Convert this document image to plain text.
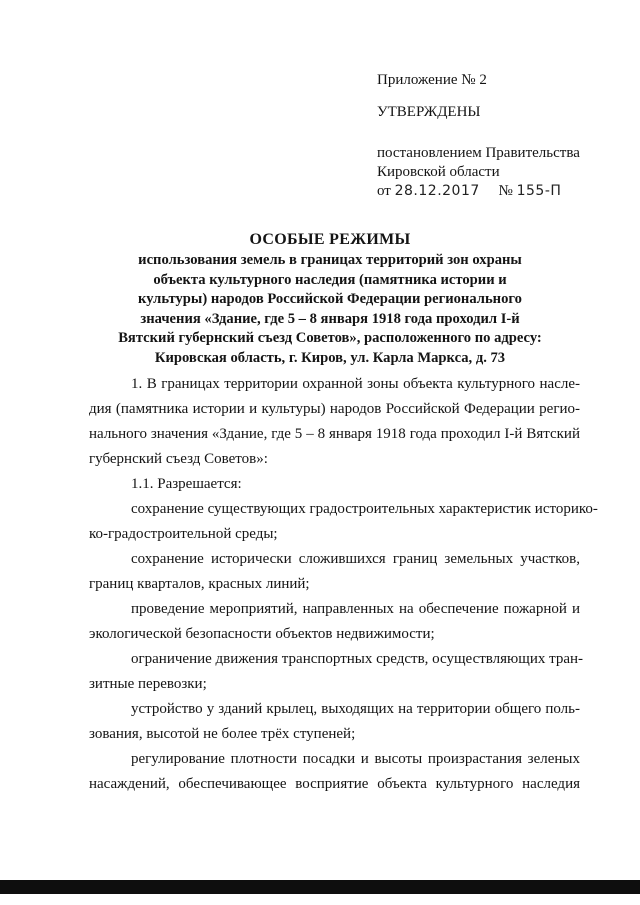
Приложение № 2

УТВЕРЖДЕНЫ

постановлением Правительства
Кировской области
от 28.12.2017 № 155-П

ОСОБЫЕ РЕЖИМЫ

использования земель в границах территорий зон охраны
объекта культурного наследия (памятника истории и
культуры) народов Российской Федерации регионального
значения «Здание, где 5 – 8 января 1918 года проходил I-й
Вятский губернский съезд Советов», расположенного по адресу:
Кировская область, г. Киров, ул. Карла Маркса, д. 73

1. В границах территории охранной зоны объекта культурного насле-
дия (памятника истории и культуры) народов Российской Федерации регио-
нального значения «Здание, где 5 – 8 января 1918 года проходил I-й Вятский
губернский съезд Советов»:
1.1. Разрешается:
сохранение существующих градостроительных характеристик историко-
ко-градостроительной среды;
сохранение исторически сложившихся границ земельных участков,
границ кварталов, красных линий;
проведение мероприятий, направленных на обеспечение пожарной и
экологической безопасности объектов недвижимости;
ограничение движения транспортных средств, осуществляющих тран-
зитные перевозки;
устройство у зданий крылец, выходящих на территории общего поль-
зования, высотой не более трёх ступеней;
регулирование плотности посадки и высоты произрастания зеленых
насаждений, обеспечивающее восприятие объекта культурного наследия
